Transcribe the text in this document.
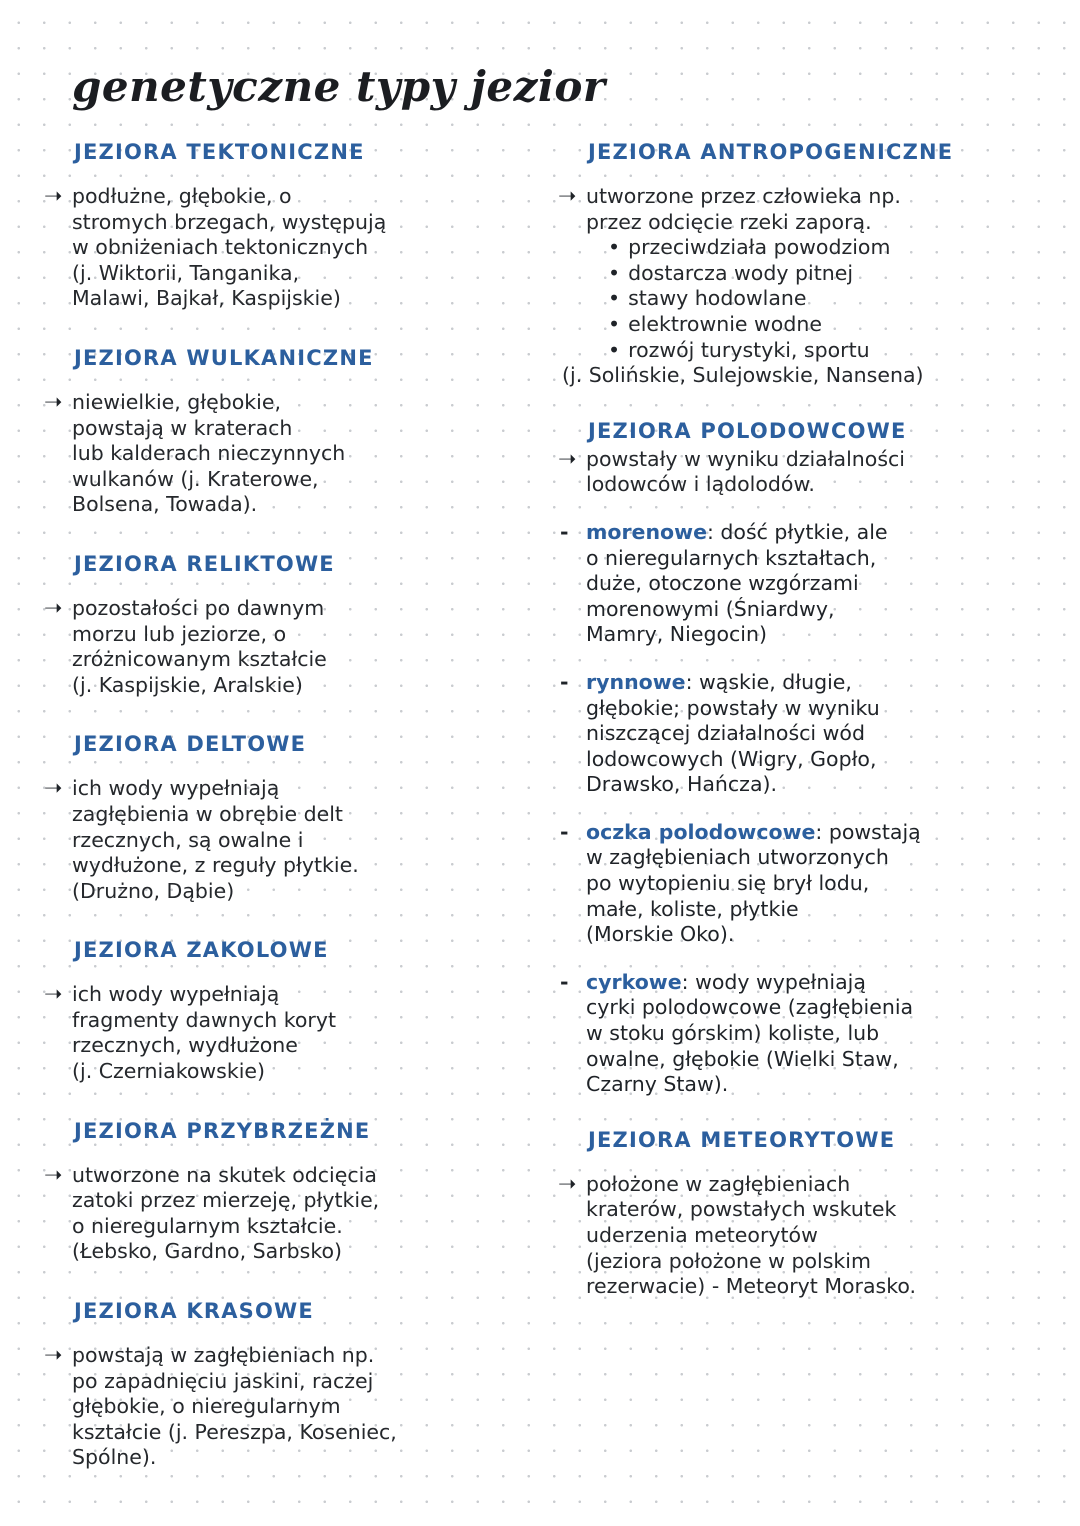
genetyczne typy jezior
JEZIORA TEKTONICZNE
➝ podłużne, głębokie, o
stromych brzegach, występują
w obniżeniach tektonicznych
(j. Wiktorii, Tanganika,
Malawi, Bajkał, Kaspijskie)
JEZIORA WULKANICZNE
➝ niewielkie, głębokie,
powstają w kraterach
lub kalderach nieczynnych
wulkanów (j. Kraterowe,
Bolsena, Towada).
JEZIORA RELIKTOWE
➝ pozostałości po dawnym
morzu lub jeziorze, o
zróżnicowanym kształcie
(j. Kaspijskie, Aralskie)
JEZIORA DELTOWE
➝ ich wody wypełniają
zagłębienia w obrębie delt
rzecznych, są owalne i
wydłużone, z reguły płytkie.
(Drużno, Dąbie)
JEZIORA ZAKOLOWE
➝ ich wody wypełniają
fragmenty dawnych koryt
rzecznych, wydłużone
(j. Czerniakowskie)
JEZIORA PRZYBRZEŻNE
➝ utworzone na skutek odcięcia
zatoki przez mierzeję, płytkie,
o nieregularnym kształcie.
(Łebsko, Gardno, Sarbsko)
JEZIORA KRASOWE
➝ powstają w zagłębieniach np.
po zapadnięciu jaskini, raczej
głębokie, o nieregularnym
kształcie (j. Pereszpa, Koseniec,
Spólne).
JEZIORA ANTROPOGENICZNE
➝ utworzone przez człowieka np.
przez odcięcie rzeki zaporą.
• przeciwdziała powodziom
• dostarcza wody pitnej
• stawy hodowlane
• elektrownie wodne
• rozwój turystyki, sportu
(j. Solińskie, Sulejowskie, Nansena)
JEZIORA POLODOWCOWE
➝ powstały w wyniku działalności
lodowców i lądolodów.
- morenowe: dość płytkie, ale
o nieregularnych kształtach,
duże, otoczone wzgórzami
morenowymi (Śniardwy,
Mamry, Niegocin)
- rynnowe: wąskie, długie,
głębokie; powstały w wyniku
niszczącej działalności wód
lodowcowych (Wigry, Gopło,
Drawsko, Hańcza).
- oczka polodowcowe: powstają
w zagłębieniach utworzonych
po wytopieniu się brył lodu,
małe, koliste, płytkie
(Morskie Oko).
- cyrkowe: wody wypełniają
cyrki polodowcowe (zagłębienia
w stoku górskim) koliste, lub
owalne, głębokie (Wielki Staw,
Czarny Staw).
JEZIORA METEORYTOWE
➝ położone w zagłębieniach
kraterów, powstałych wskutek
uderzenia meteorytów
(jeziora położone w polskim
rezerwacie) - Meteoryt Morasko.
